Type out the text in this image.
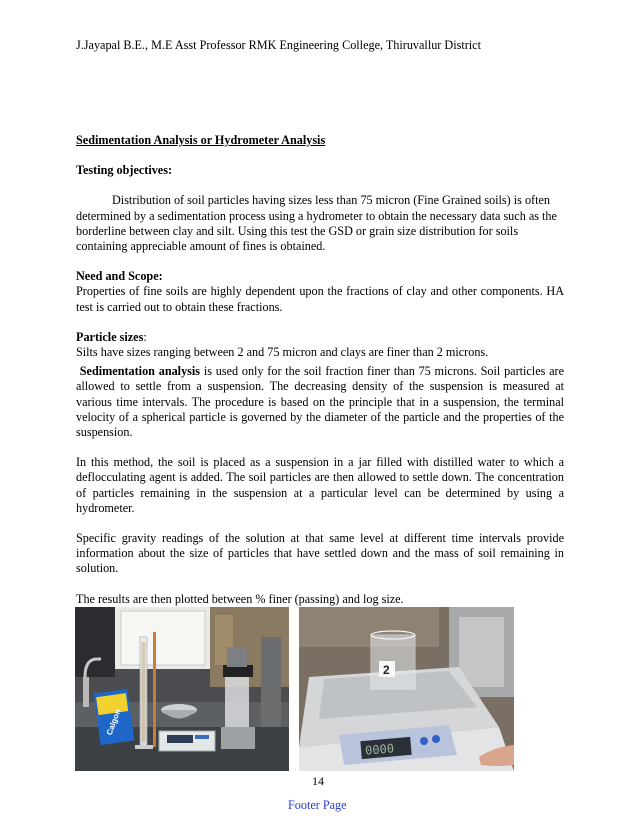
J.Jayapal B.E., M.E Asst Professor RMK Engineering College, Thiruvallur District

Sedimentation Analysis or Hydrometer Analysis

Testing objectives:

Distribution of soil particles having sizes less than 75 micron (Fine Grained soils) is often determined by a sedimentation process using a hydrometer to obtain the necessary data such as the borderline between clay and silt. Using this test the GSD or grain size distribution for soils containing appreciable amount of fines is obtained.

Need and Scope:

Properties of fine soils are highly dependent upon the fractions of clay and other components. HA test is carried out to obtain these fractions.

Particle sizes:

Silts have sizes ranging between 2 and 75 micron and clays are finer than 2 microns.

Sedimentation analysis is used only for the soil fraction finer than 75 microns. Soil particles are allowed to settle from a suspension. The decreasing density of the suspension is measured at various time intervals. The procedure is based on the principle that in a suspension, the terminal velocity of a spherical particle is governed by the diameter of the particle and the properties of the suspension.

In this method, the soil is placed as a suspension in a jar filled with distilled water to which a deflocculating agent is added. The soil particles are then allowed to settle down. The concentration of particles remaining in the suspension at a particular level can be determined by using a hydrometer.

Specific gravity readings of the solution at that same level at different time intervals provide information about the size of particles that have settled down and the mass of soil remaining in solution.

The results are then plotted between % finer (passing) and log size.

Calgon
0000
2
14
Footer Page
